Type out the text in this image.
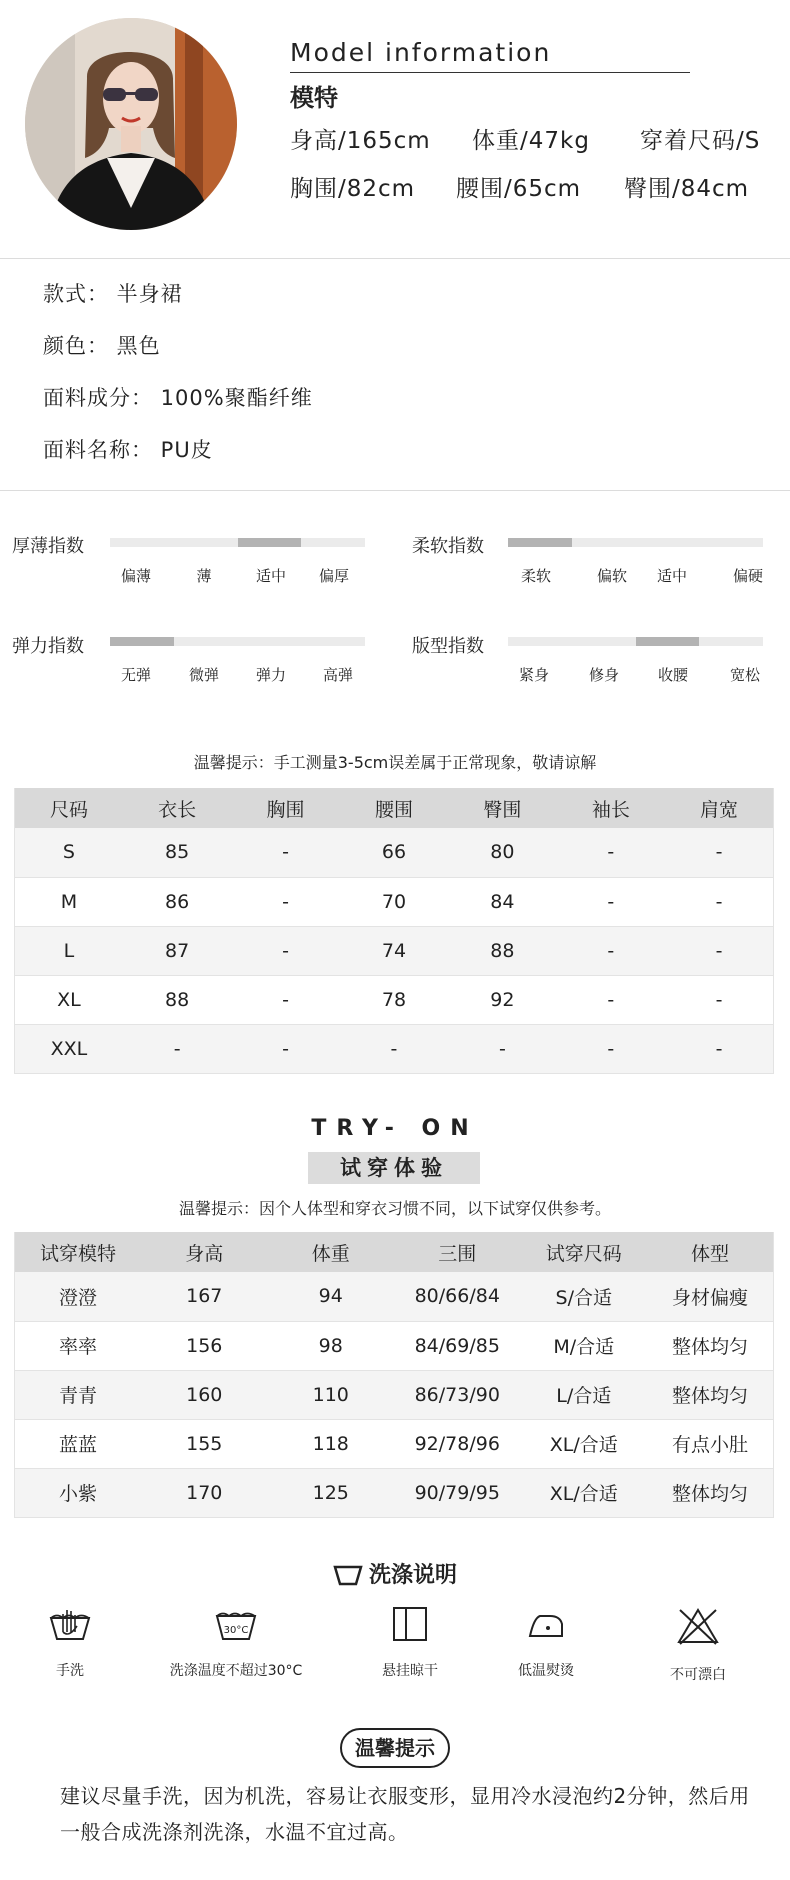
Model information
模特
身高/165cm 体重/47kg 穿着尺码/S
胸围/82cm 腰围/65cm 臀围/84cm
款式： 半身裙
颜色： 黑色
面料成分： 100%聚酯纤维
面料名称： PU皮
厚薄指数
偏薄	薄	适中 偏厚
柔软指数
柔软	偏软 适中	偏硬
弹力指数
无弹	微弹 弹力 高弹
版型指数
紧身	修身	收腰	宽松
温馨提示：手工测量3-5cm误差属于正常现象，敬请谅解
尺码	衣长	胸围	腰围	臀围	袖长	肩宽
S	85	-	66	80	-	-
M	86	-	70	84	-	-
L	87	-	74	88	-	-
XL	88	-	78	92	-	-
XXL	-	-	-	-	-	-
TRY- ON
试穿体验
温馨提示：因个人体型和穿衣习惯不同，以下试穿仅供参考。
试穿模特	身高	体重	三围	试穿尺码	体型
澄澄	167	94	80/66/84	S/合适	身材偏瘦
率率	156	98	84/69/85	M/合适	整体均匀
青青	160	110	86/73/90	L/合适	整体均匀
蓝蓝	155	118	92/78/96	XL/合适	有点小肚
小紫	170	125	90/79/95	XL/合适	整体均匀
洗涤说明
手洗
30°C
洗涤温度不超过30°C	悬挂晾干	低温熨烫	不可漂白
温馨提示
建议尽量手洗，因为机洗，容易让衣服变形，显用冷水浸泡约2分钟，然后用一般合成洗涤剂洗涤，水温不宜过高。
